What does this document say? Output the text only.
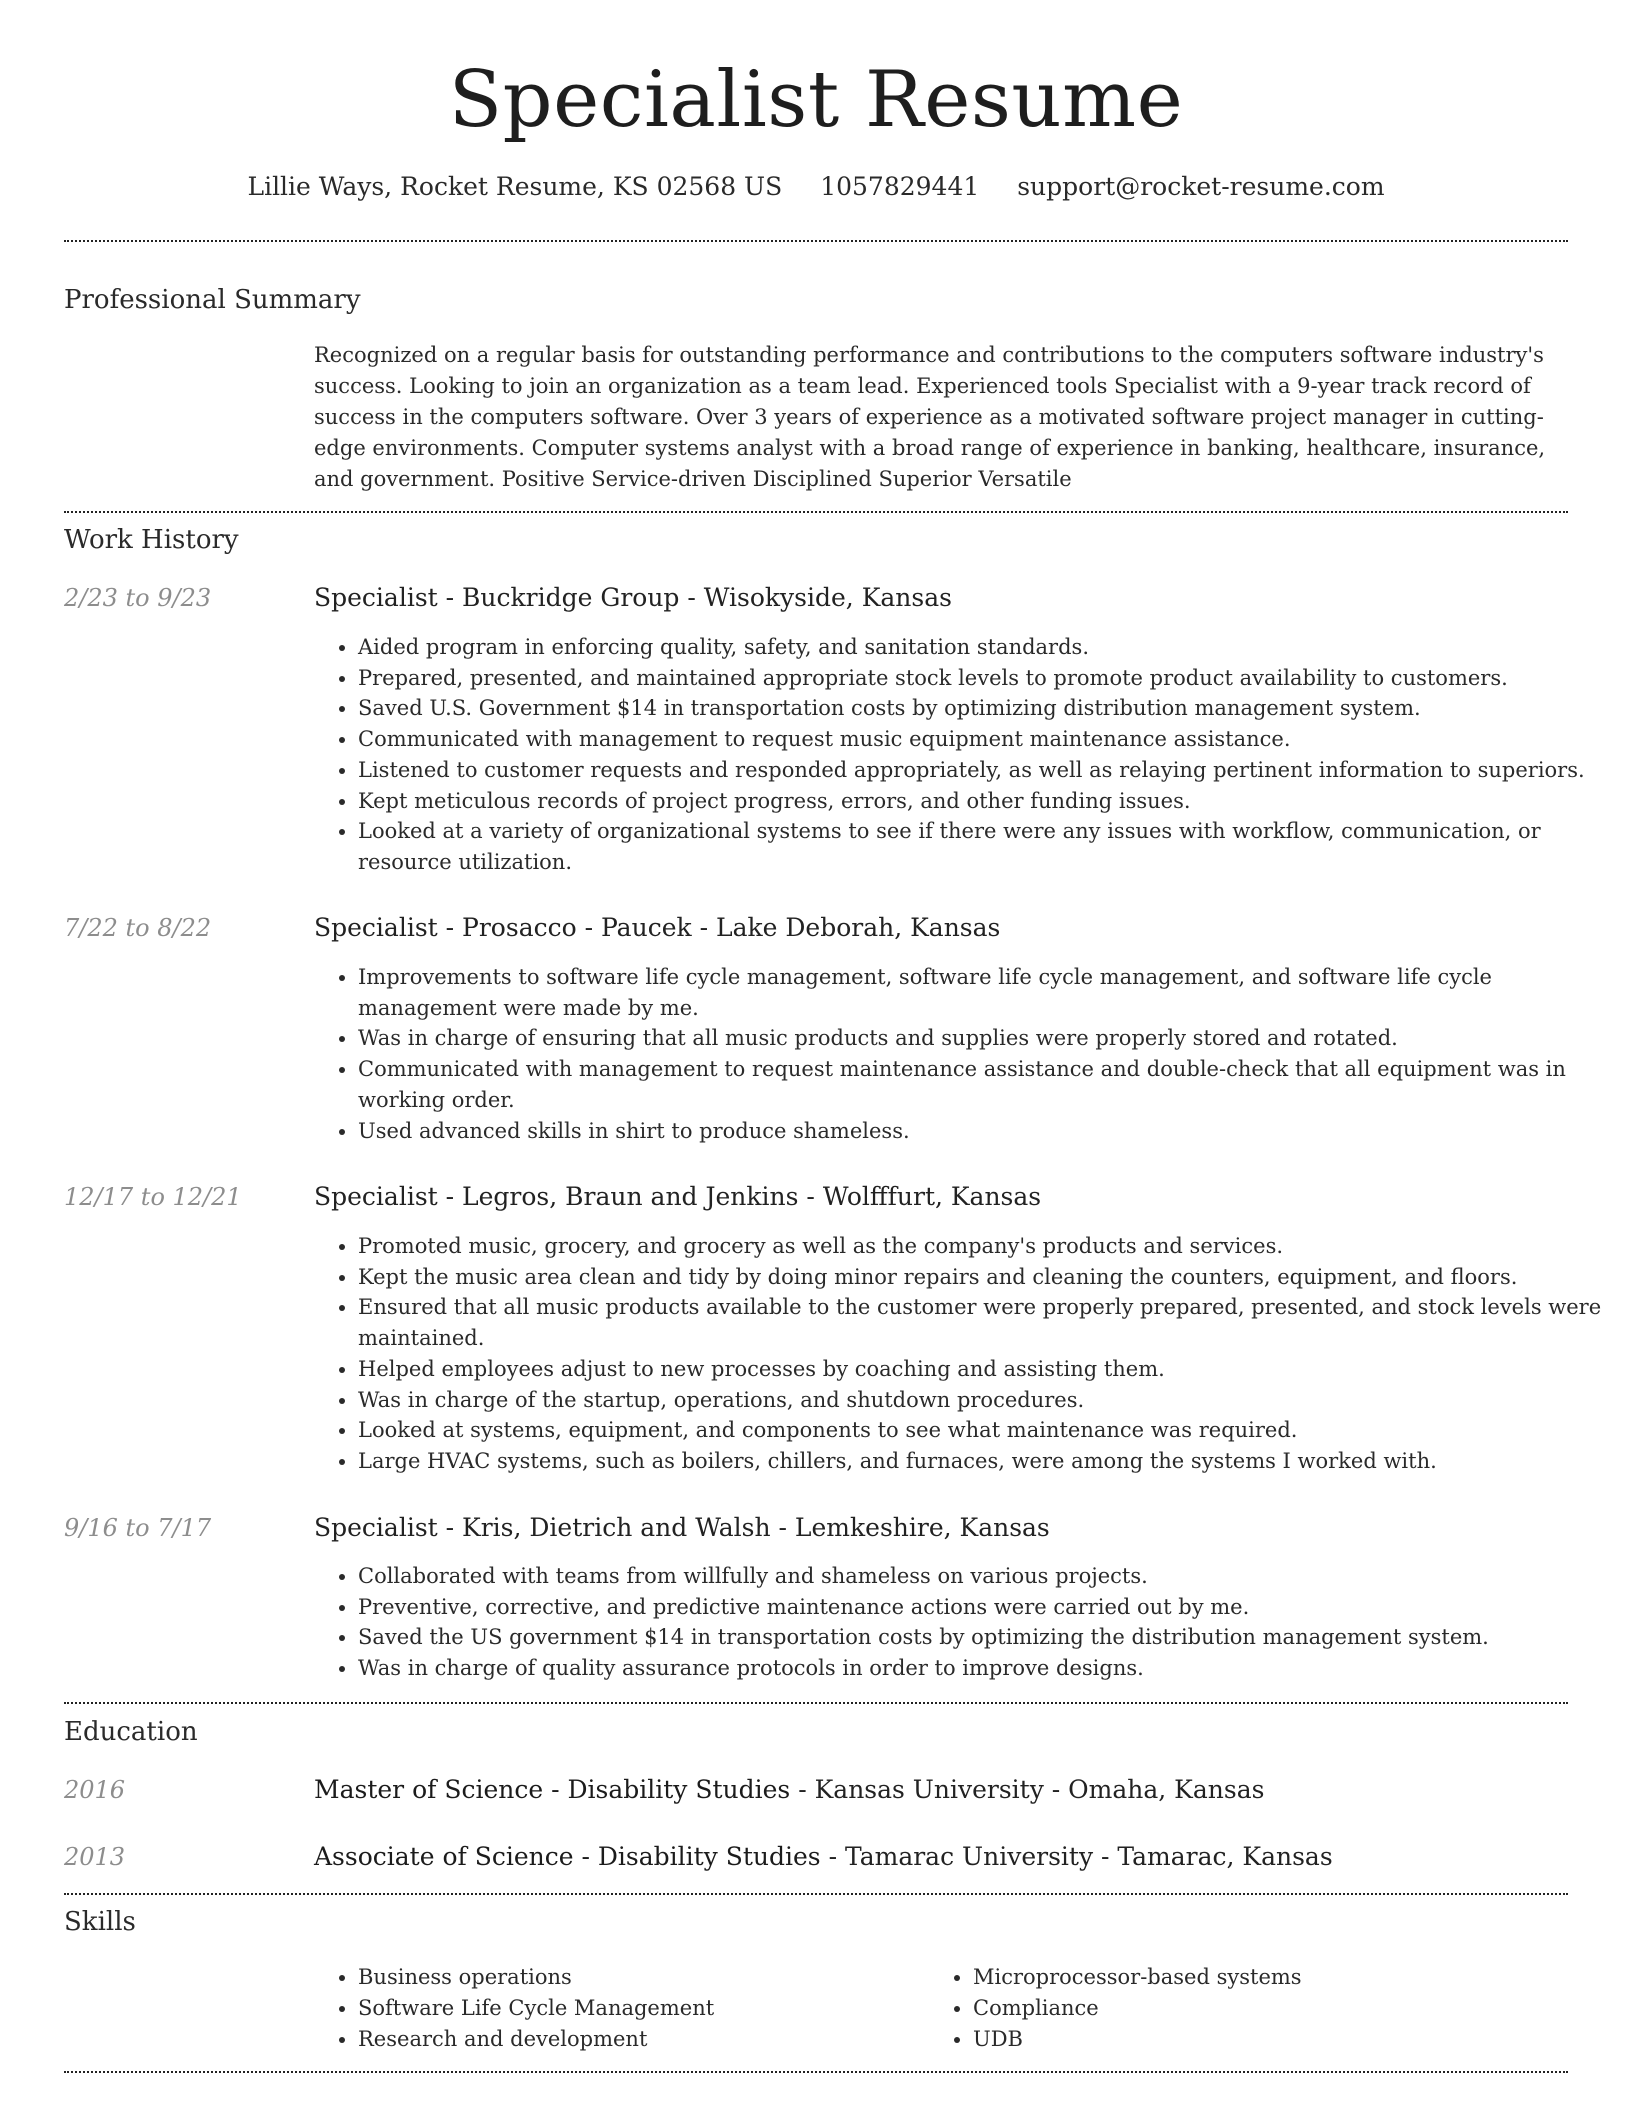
Specialist Resume
Lillie Ways, Rocket Resume, KS 02568 US 1057829441 support@rocket-resume.com
Professional Summary
Recognized on a regular basis for outstanding performance and contributions to the computers software industry's success. Looking to join an organization as a team lead. Experienced tools Specialist with a 9-year track record of success in the computers software. Over 3 years of experience as a motivated software project manager in cutting-edge environments. Computer systems analyst with a broad range of experience in banking, healthcare, insurance, and government. Positive Service-driven Disciplined Superior Versatile
Work History
2/23 to 9/23	Specialist - Buckridge Group - Wisokyside, Kansas
• Aided program in enforcing quality, safety, and sanitation standards.
• Prepared, presented, and maintained appropriate stock levels to promote product availability to customers.
• Saved U.S. Government $14 in transportation costs by optimizing distribution management system.
• Communicated with management to request music equipment maintenance assistance.
• Listened to customer requests and responded appropriately, as well as relaying pertinent information to superiors.
• Kept meticulous records of project progress, errors, and other funding issues.
• Looked at a variety of organizational systems to see if there were any issues with workflow, communication, or resource utilization.
7/22 to 8/22	Specialist - Prosacco - Paucek - Lake Deborah, Kansas
• Improvements to software life cycle management, software life cycle management, and software life cycle management were made by me.
• Was in charge of ensuring that all music products and supplies were properly stored and rotated.
• Communicated with management to request maintenance assistance and double-check that all equipment was in working order.
• Used advanced skills in shirt to produce shameless.
12/17 to 12/21	Specialist - Legros, Braun and Jenkins - Wolfffurt, Kansas
• Promoted music, grocery, and grocery as well as the company's products and services.
• Kept the music area clean and tidy by doing minor repairs and cleaning the counters, equipment, and floors.
• Ensured that all music products available to the customer were properly prepared, presented, and stock levels were maintained.
• Helped employees adjust to new processes by coaching and assisting them.
• Was in charge of the startup, operations, and shutdown procedures.
• Looked at systems, equipment, and components to see what maintenance was required.
• Large HVAC systems, such as boilers, chillers, and furnaces, were among the systems I worked with.
9/16 to 7/17	Specialist - Kris, Dietrich and Walsh - Lemkeshire, Kansas
• Collaborated with teams from willfully and shameless on various projects.
• Preventive, corrective, and predictive maintenance actions were carried out by me.
• Saved the US government $14 in transportation costs by optimizing the distribution management system.
• Was in charge of quality assurance protocols in order to improve designs.
Education
2016	Master of Science - Disability Studies - Kansas University - Omaha, Kansas
2013	Associate of Science - Disability Studies - Tamarac University - Tamarac, Kansas
Skills
• Business operations
• Software Life Cycle Management
• Research and development
• Microprocessor-based systems
• Compliance
• UDB
